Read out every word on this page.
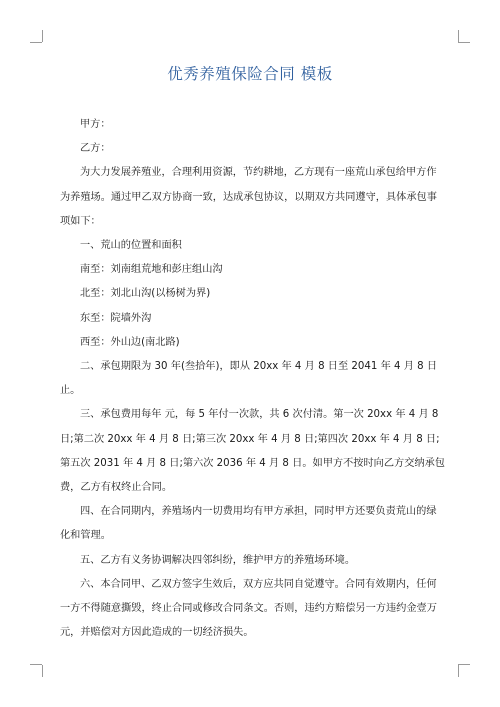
优秀养殖保险合同 模板

甲方：

乙方：

为大力发展养殖业，合理利用资源，节约耕地，乙方现有一座荒山承包给甲方作为养殖场。通过甲乙双方协商一致，达成承包协议，以期双方共同遵守，具体承包事项如下：

一、荒山的位置和面积

南至：刘南组荒地和彭庄组山沟

北至：刘北山沟(以杨树为界)

东至：院墙外沟

西至：外山边(南北路)

二、承包期限为 30 年(叁拾年)，即从 20xx 年 4 月 8 日至 2041 年 4 月 8 日止。

三、承包费用每年 元，每 5 年付一次款，共 6 次付清。第一次 20xx 年 4 月 8 日;第二次 20xx 年 4 月 8 日;第三次 20xx 年 4 月 8 日;第四次 20xx 年 4 月 8 日;第五次 2031 年 4 月 8 日;第六次 2036 年 4 月 8 日。如甲方不按时向乙方交纳承包费，乙方有权终止合同。

四、在合同期内，养殖场内一切费用均有甲方承担，同时甲方还要负责荒山的绿化和管理。

五、乙方有义务协调解决四邻纠纷，维护甲方的养殖场环境。

六、本合同甲、乙双方签字生效后，双方应共同自觉遵守。合同有效期内，任何一方不得随意撕毁，终止合同或修改合同条文。否则，违约方赔偿另一方违约金壹万元，并赔偿对方因此造成的一切经济损失。
